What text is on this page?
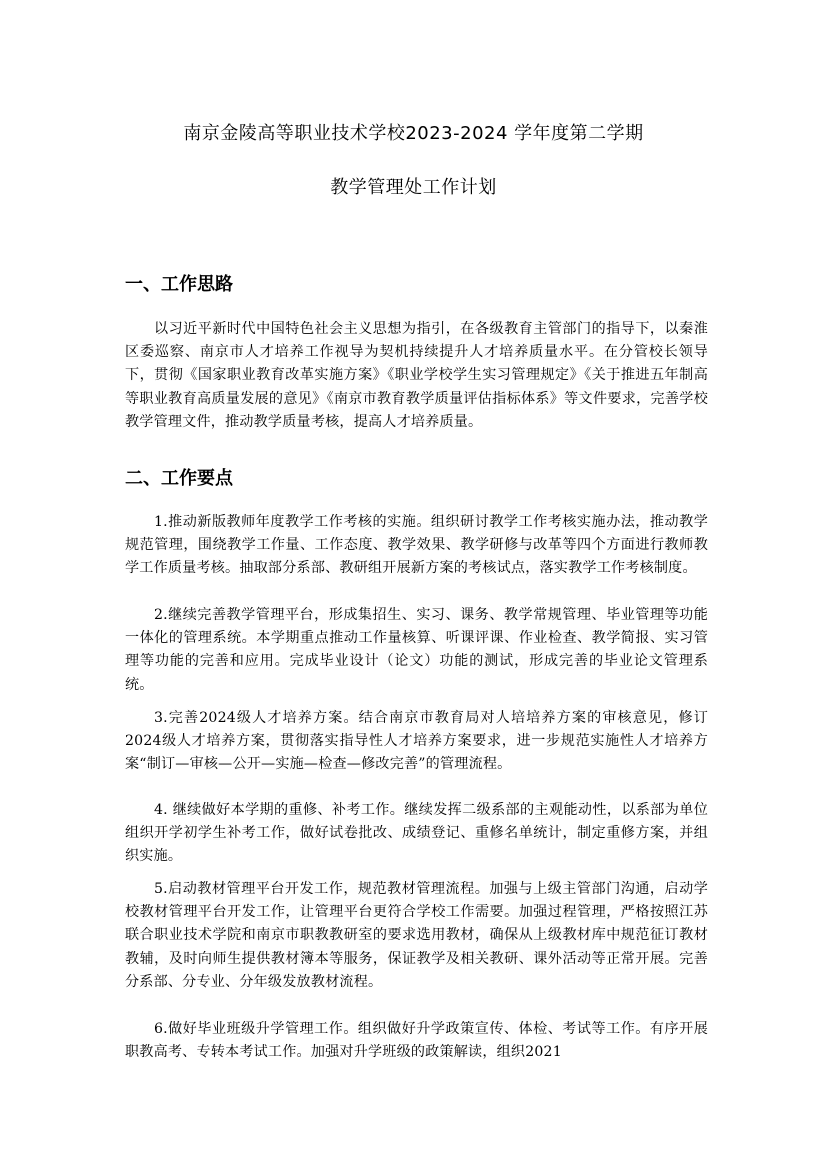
南京金陵高等职业技术学校2023-2024 学年度第二学期
教学管理处工作计划
一、工作思路

以习近平新时代中国特色社会主义思想为指引，在各级教育主管部门的指导下，以秦淮区委巡察、南京市人才培养工作视导为契机持续提升人才培养质量水平。在分管校长领导下，贯彻《国家职业教育改革实施方案》《职业学校学生实习管理规定》《关于推进五年制高等职业教育高质量发展的意见》《南京市教育教学质量评估指标体系》等文件要求，完善学校教学管理文件，推动教学质量考核，提高人才培养质量。

二、工作要点

1.推动新版教师年度教学工作考核的实施。组织研讨教学工作考核实施办法，推动教学规范管理，围绕教学工作量、工作态度、教学效果、教学研修与改革等四个方面进行教师教学工作质量考核。抽取部分系部、教研组开展新方案的考核试点，落实教学工作考核制度。

2.继续完善教学管理平台，形成集招生、实习、课务、教学常规管理、毕业管理等功能一体化的管理系统。本学期重点推动工作量核算、听课评课、作业检查、教学简报、实习管理等功能的完善和应用。完成毕业设计（论文）功能的测试，形成完善的毕业论文管理系统。

3.完善2024级人才培养方案。结合南京市教育局对人培培养方案的审核意见，修订2024级人才培养方案，贯彻落实指导性人才培养方案要求，进一步规范实施性人才培养方案“制订—审核—公开—实施—检查—修改完善”的管理流程。

4. 继续做好本学期的重修、补考工作。继续发挥二级系部的主观能动性，以系部为单位组织开学初学生补考工作，做好试卷批改、成绩登记、重修名单统计，制定重修方案，并组织实施。

5.启动教材管理平台开发工作，规范教材管理流程。加强与上级主管部门沟通，启动学校教材管理平台开发工作，让管理平台更符合学校工作需要。加强过程管理，严格按照江苏联合职业技术学院和南京市职教教研室的要求选用教材，确保从上级教材库中规范征订教材教辅，及时向师生提供教材簿本等服务，保证教学及相关教研、课外活动等正常开展。完善分系部、分专业、分年级发放教材流程。

6.做好毕业班级升学管理工作。组织做好升学政策宣传、体检、考试等工作。有序开展职教高考、专转本考试工作。加强对升学班级的政策解读，组织2021
